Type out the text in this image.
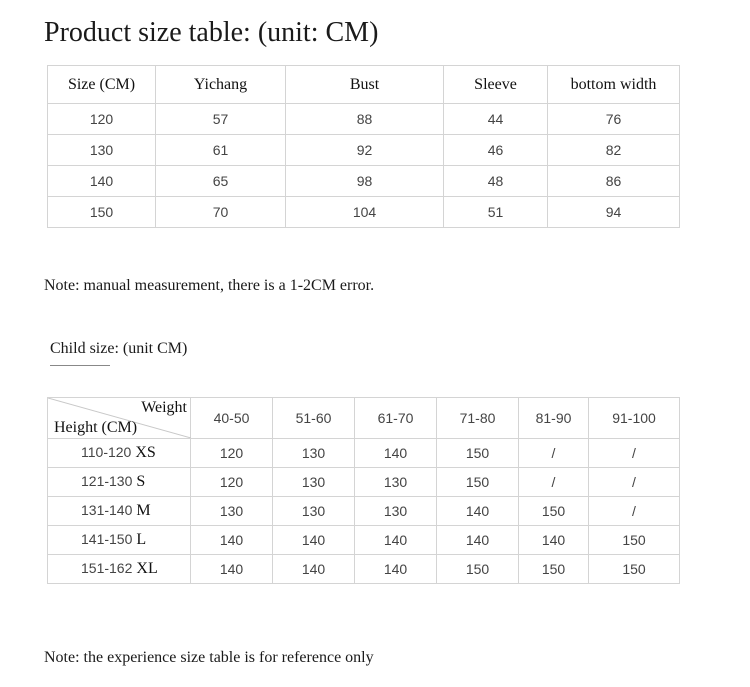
Product size table: (unit: CM)
Size (CM)	Yichang	Bust	Sleeve	bottom width
120	57	88	44	76
130	61	92	46	82
140	65	98	48	86
150	70	104	51	94
Note: manual measurement, there is a 1-2CM error.
Child size: (unit CM)
Weight
Height (CM)	40-50	51-60	61-70	71-80	81-90	91-100
110-120 XS	120	130	140	150	/	/
121-130 S	120	130	130	150	/	/
131-140 M	130	130	130	140	150	/
141-150 L	140	140	140	140	140	150
151-162 XL	140	140	140	150	150	150
Note: the experience size table is for reference only
